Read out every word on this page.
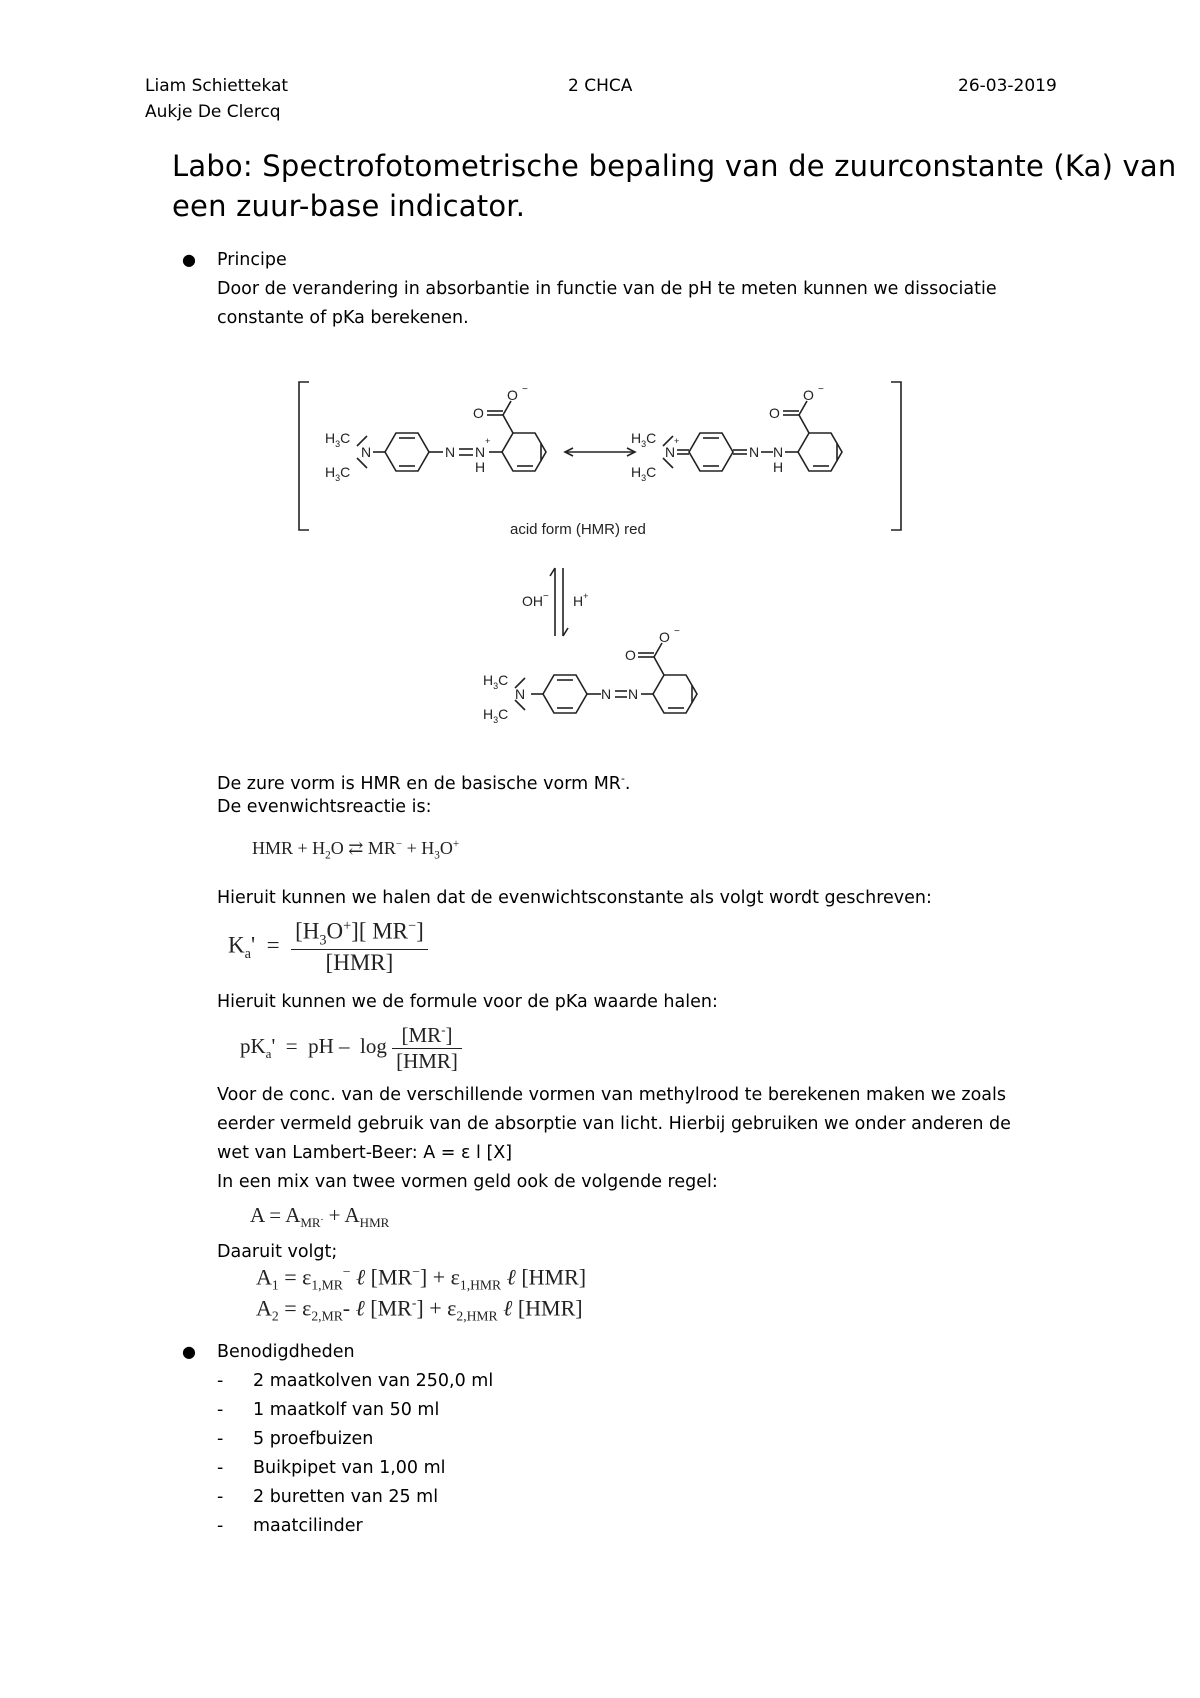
Liam Schiettekat
Aukje De Clercq
2 CHCA	26-03-2019
Labo: Spectrofotometrische bepaling van de zuurconstante (Ka) van
een zuur-base indicator.
● Principe
Door de verandering in absorbantie in functie van de pH te meten kunnen we dissociatie
constante of pKa berekenen.
$H_3C$
N
$H_3C$
N N
+
H
O
O −
$H_3C$
N
+
$H_3C$
N N
H
O
O −
acid form (HMR) red
OH− H+
$H_3C$
N
$H_3C$
N N
O
O −
De zure vorm is HMR en de basische vorm MR-.
De evenwichtsreactie is:
HMR + $H_2O$ ⇄ $MR^- + H_3O^+$
Hieruit kunnen we halen dat de evenwichtsconstante als volgt wordt geschreven:
$K_a' = \frac{[H_3O^+][ MR^-]}{\text{[HMR]}}$
Hieruit kunnen we de formule voor de pKa waarde halen:
$pK_a'$  =  pH –  $\log \frac{[MR^-]}{\text{[HMR]}}$
Voor de conc. van de verschillende vormen van methylrood te berekenen maken we zoals
eerder vermeld gebruik van de absorptie van licht. Hierbij gebruiken we onder anderen de
wet van Lambert-Beer: A = ε l [X]
In een mix van twee vormen geld ook de volgende regel:
$A = A_{MR^-} + A_{HMR}$
Daaruit volgt;
$A_1 = \varepsilon_{1,MR}^-$ ℓ $[MR^-] + \varepsilon_{1,HMR}$ ℓ [HMR]
$A_2 = \varepsilon_{2,MR}-$ ℓ $[MR^-] + \varepsilon_{2,HMR}$ ℓ [HMR]
● Benodigdheden
- 2 maatkolven van 250,0 ml
- 1 maatkolf van 50 ml
- 5 proefbuizen
- Buikpipet van 1,00 ml
- 2 buretten van 25 ml
- maatcilinder
